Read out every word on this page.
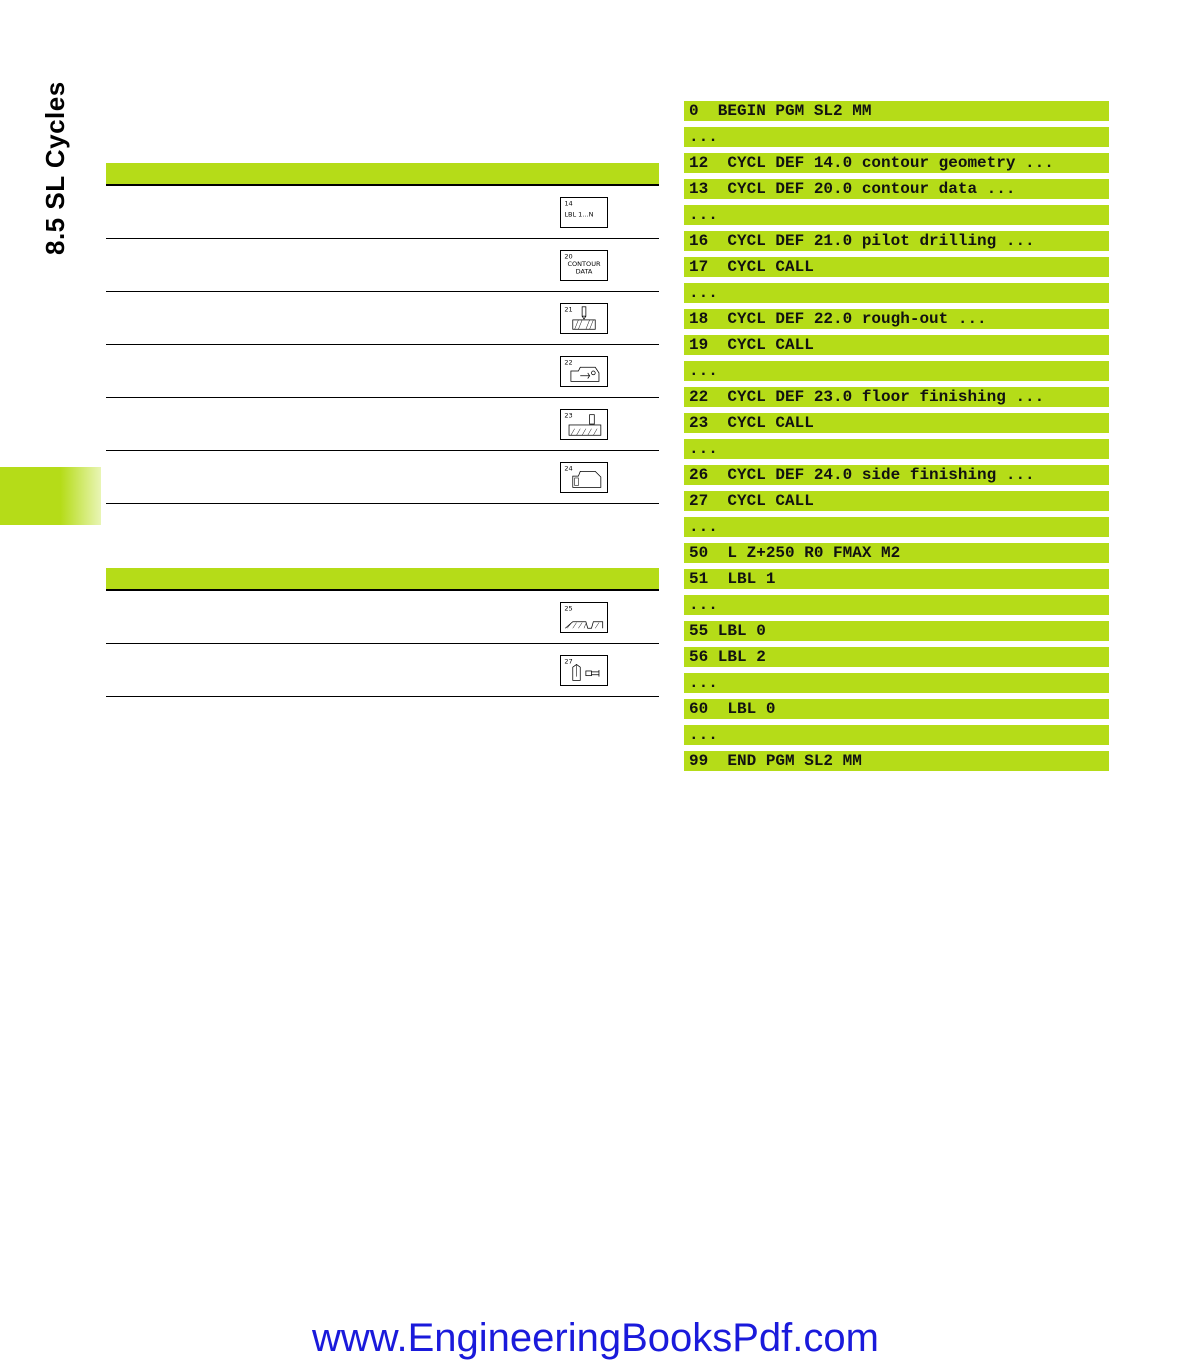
8.5 SL Cycles	14
LBL 1...N
20
CONTOUR
DATA
21
22
23
24
25
27
0  BEGIN PGM SL2 MM
...
12  CYCL DEF 14.0 contour geometry ...
13  CYCL DEF 20.0 contour data ...
...
16  CYCL DEF 21.0 pilot drilling ...
17  CYCL CALL
...
18  CYCL DEF 22.0 rough-out ...
19  CYCL CALL
...
22  CYCL DEF 23.0 floor finishing ...
23  CYCL CALL
...
26  CYCL DEF 24.0 side finishing ...
27  CYCL CALL
...
50  L Z+250 R0 FMAX M2
51  LBL 1
...
55 LBL 0
56 LBL 2
...
60  LBL 0
...
99  END PGM SL2 MM
www.EngineeringBooksPdf.com
